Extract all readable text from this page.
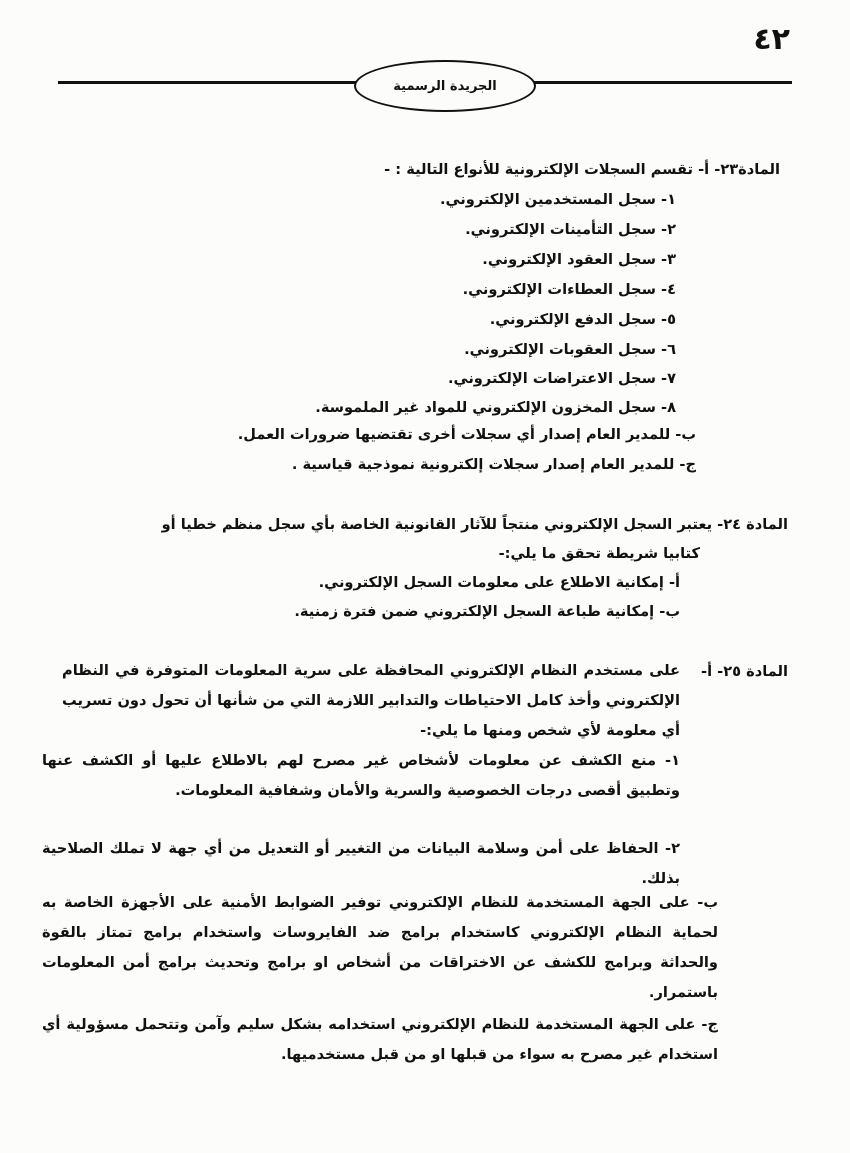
٤٢
الجريدة الرسمية
المادة٢٣- أ- تقسم السجلات الإلكترونية للأنواع التالية : -
١- سجل المستخدمين الإلكتروني.
٢- سجل التأمينات الإلكتروني.
٣- سجل العقود الإلكتروني.
٤- سجل العطاءات الإلكتروني.
٥- سجل الدفع الإلكتروني.
٦- سجل العقوبات الإلكتروني.
٧- سجل الاعتراضات الإلكتروني.
٨- سجل المخزون الإلكتروني للمواد غير الملموسة.
ب- للمدير العام إصدار أي سجلات أخرى تقتضيها ضرورات العمل.
ج- للمدير العام إصدار سجلات إلكترونية نموذجية قياسية .
المادة ٢٤- يعتبر السجل الإلكتروني منتجاً للآثار القانونية الخاصة بأي سجل منظم خطيا أو
كتابيا شريطة تحقق ما يلي:-
أ- إمكانية الاطلاع على معلومات السجل الإلكتروني.
ب- إمكانية طباعة السجل الإلكتروني ضمن فترة زمنية.
المادة ٢٥- أ-
على مستخدم النظام الإلكتروني المحافظة على سرية المعلومات المتوفرة في النظام الإلكتروني وأخذ كامل الاحتياطات والتدابير اللازمة التي من شأنها أن تحول دون تسريب أي معلومة لأي شخص ومنها ما يلي:-
١- منع الكشف عن معلومات لأشخاص غير مصرح لهم بالاطلاع عليها أو الكشف عنها وتطبيق أقصى درجات الخصوصية والسرية والأمان وشفافية المعلومات.
٢- الحفاظ على أمن وسلامة البيانات من التغيير أو التعديل من أي جهة لا تملك الصلاحية بذلك.
ب- على الجهة المستخدمة للنظام الإلكتروني توفير الضوابط الأمنية على الأجهزة الخاصة به لحماية النظام الإلكتروني كاستخدام برامج ضد الفايروسات واستخدام برامج تمتاز بالقوة والحداثة وبرامج للكشف عن الاختراقات من أشخاص او برامج وتحديث برامج أمن المعلومات باستمرار.
ج- على الجهة المستخدمة للنظام الإلكتروني استخدامه بشكل سليم وآمن وتتحمل مسؤولية أي استخدام غير مصرح به سواء من قبلها او من قبل مستخدميها.
